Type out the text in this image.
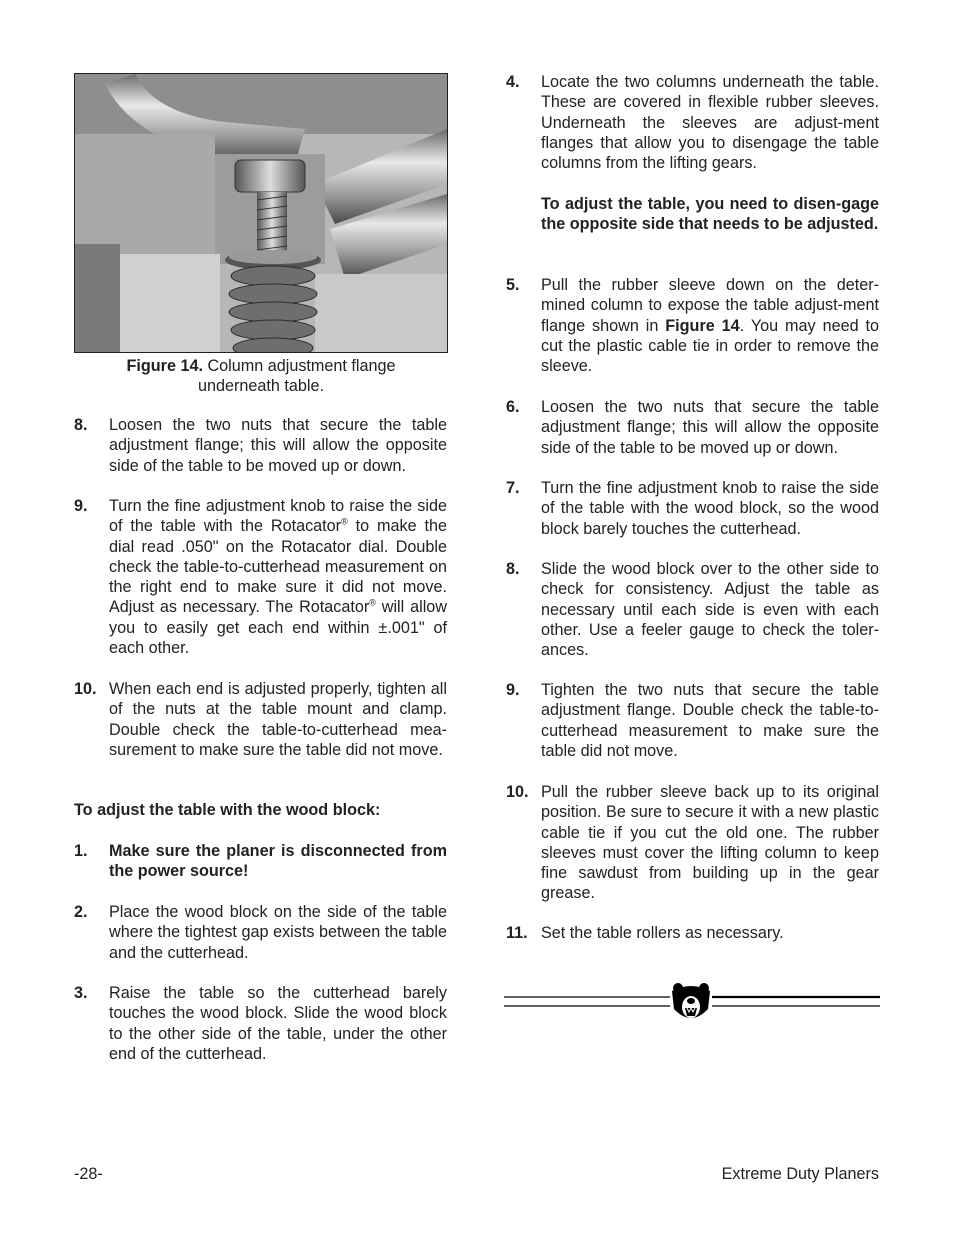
Figure 14. Column adjustment flange
underneath table.
8.	Loosen the two nuts that secure the table adjustment flange; this will allow the opposite side of the table to be moved up or down.
9.	Turn the fine adjustment knob to raise the side of the table with the Rotacator® to make the dial read .050" on the Rotacator dial. Double check the table-to-cutterhead measurement on the right end to make sure it did not move. Adjust as necessary. The Rotacator® will allow you to easily get each end within ±.001" of each other.
10. When each end is adjusted properly, tighten all of the nuts at the table mount and clamp. Double check the table-to-cutterhead mea-surement to make sure the table did not move.
To adjust the table with the wood block:
1.	Make sure the planer is disconnected from the power source!
2.	Place the wood block on the side of the table where the tightest gap exists between the table and the cutterhead.
3.	Raise the table so the cutterhead barely touches the wood block. Slide the wood block to the other side of the table, under the other end of the cutterhead.
4.	Locate the two columns underneath the table. These are covered in flexible rubber sleeves. Underneath the sleeves are adjust-ment flanges that allow you to disengage the table columns from the lifting gears.
To adjust the table, you need to disen-gage the opposite side that needs to be adjusted.
5.	Pull the rubber sleeve down on the deter-mined column to expose the table adjust-ment flange shown in Figure 14. You may need to cut the plastic cable tie in order to remove the sleeve.
6.	Loosen the two nuts that secure the table adjustment flange; this will allow the opposite side of the table to be moved up or down.
7.	Turn the fine adjustment knob to raise the side of the table with the wood block, so the wood block barely touches the cutterhead.
8.	Slide the wood block over to the other side to check for consistency. Adjust the table as necessary until each side is even with each other. Use a feeler gauge to check the toler-ances.
9.	Tighten the two nuts that secure the table adjustment flange. Double check the table-to-cutterhead measurement to make sure the table did not move.
10. Pull the rubber sleeve back up to its original position. Be sure to secure it with a new plastic cable tie if you cut the old one. The rubber sleeves must cover the lifting column to keep fine sawdust from building up in the gear grease.
11. Set the table rollers as necessary.
-28-	Extreme Duty Planers
